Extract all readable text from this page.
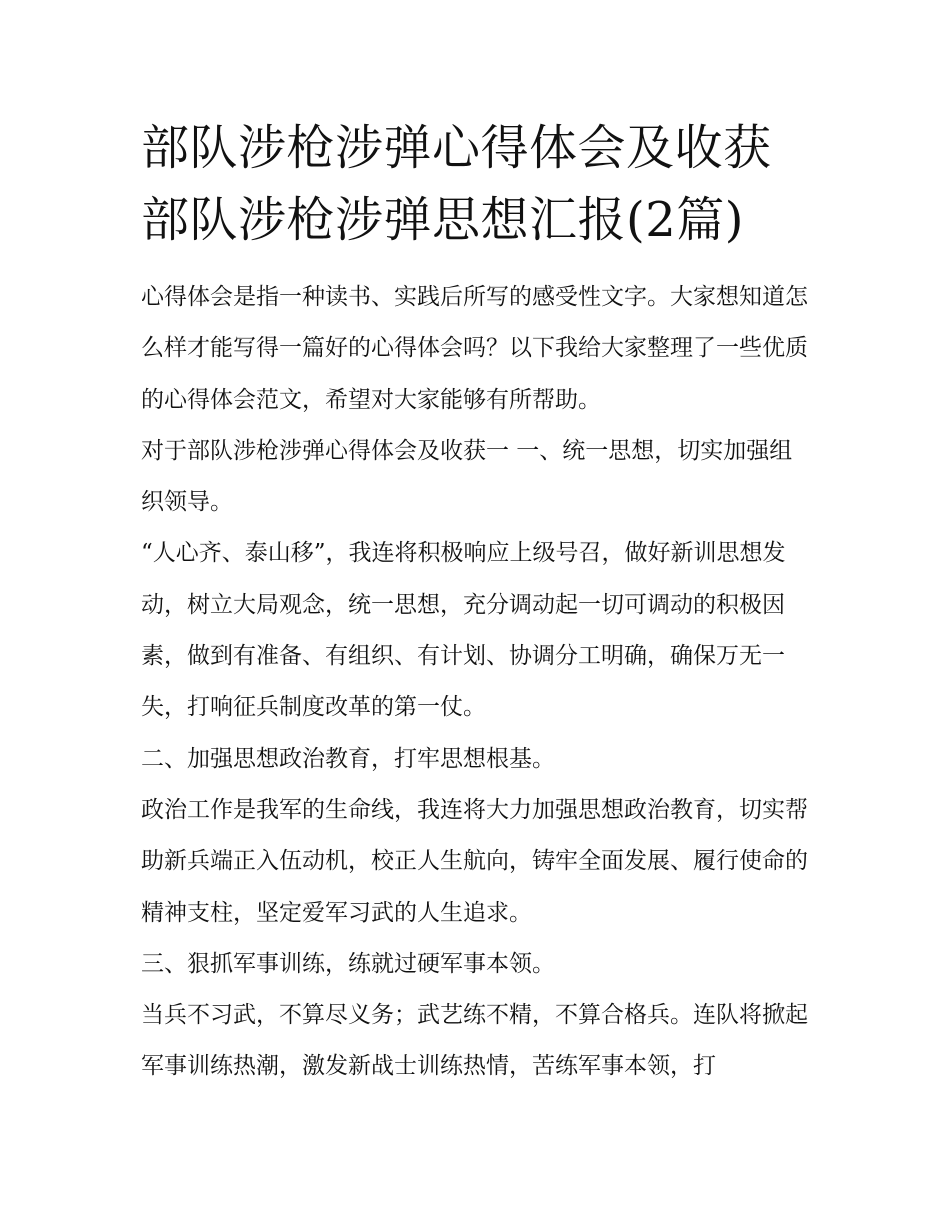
部队涉枪涉弹心得体会及收获
部队涉枪涉弹思想汇报(2篇)

心得体会是指一种读书、实践后所写的感受性文字。大家想知道怎么样才能写得一篇好的心得体会吗？以下我给大家整理了一些优质的心得体会范文，希望对大家能够有所帮助。

对于部队涉枪涉弹心得体会及收获一 一、统一思想，切实加强组织领导。

“人心齐、泰山移”，我连将积极响应上级号召，做好新训思想发动，树立大局观念，统一思想，充分调动起一切可调动的积极因素，做到有准备、有组织、有计划、协调分工明确，确保万无一失，打响征兵制度改革的第一仗。

二、加强思想政治教育，打牢思想根基。

政治工作是我军的生命线，我连将大力加强思想政治教育，切实帮助新兵端正入伍动机，校正人生航向，铸牢全面发展、履行使命的精神支柱，坚定爱军习武的人生追求。

三、狠抓军事训练，练就过硬军事本领。

当兵不习武，不算尽义务；武艺练不精，不算合格兵。连队将掀起军事训练热潮，激发新战士训练热情，苦练军事本领，打
